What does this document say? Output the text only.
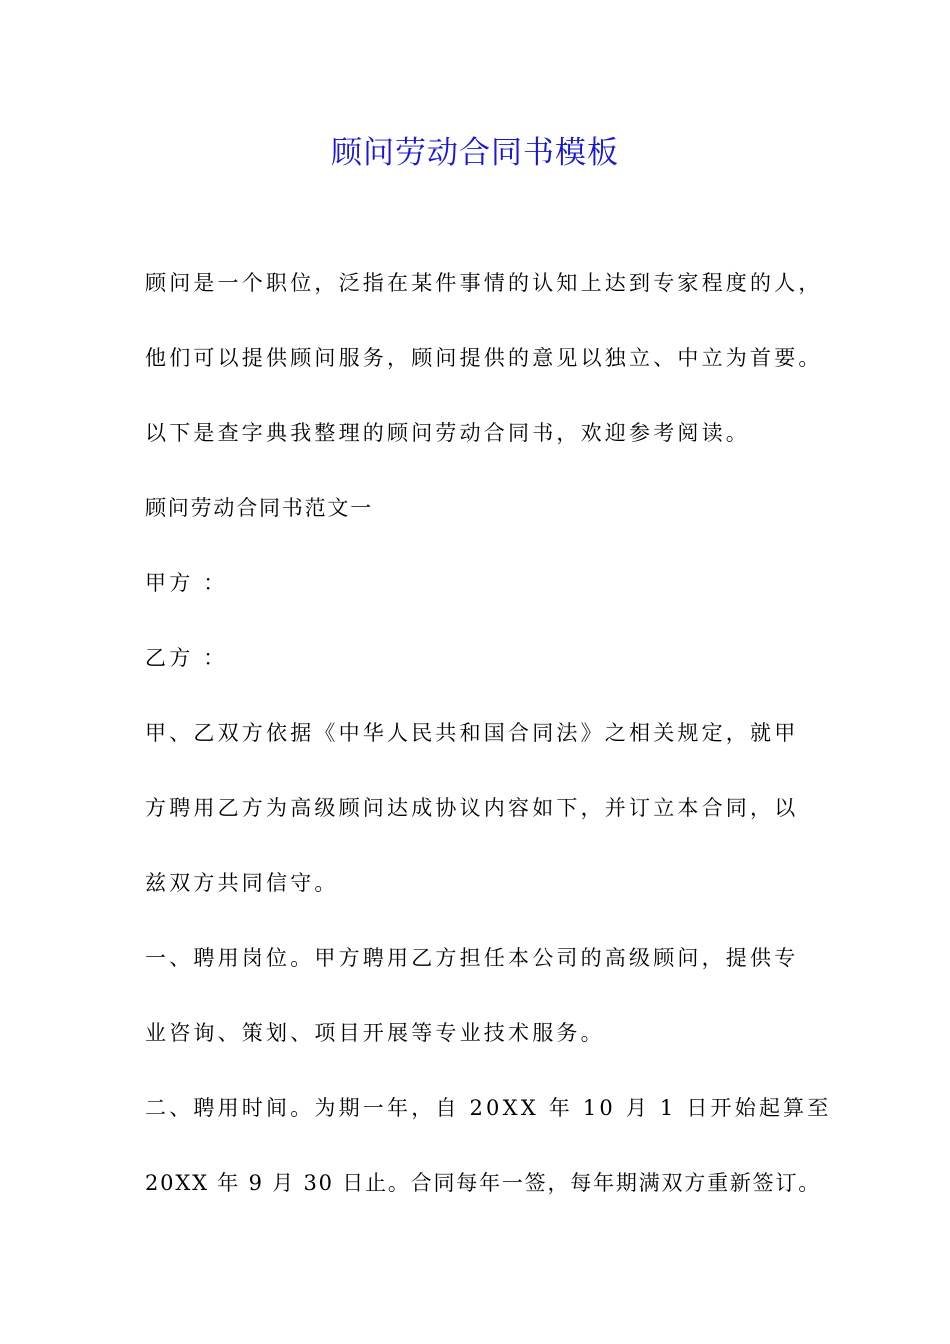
顾问劳动合同书模板

顾问是一个职位，泛指在某件事情的认知上达到专家程度的人，

他们可以提供顾问服务，顾问提供的意见以独立、中立为首要。

以下是查字典我整理的顾问劳动合同书，欢迎参考阅读。

顾问劳动合同书范文一

甲方 ：

乙方 ：

甲、乙双方依据《中华人民共和国合同法》之相关规定，就甲

方聘用乙方为高级顾问达成协议内容如下，并订立本合同，以

兹双方共同信守。

一、聘用岗位。甲方聘用乙方担任本公司的高级顾问，提供专

业咨询、策划、项目开展等专业技术服务。

二、聘用时间。为期一年，自 20XX 年 10 月 1 日开始起算至

20XX 年 9 月 30 日止。合同每年一签，每年期满双方重新签订。
